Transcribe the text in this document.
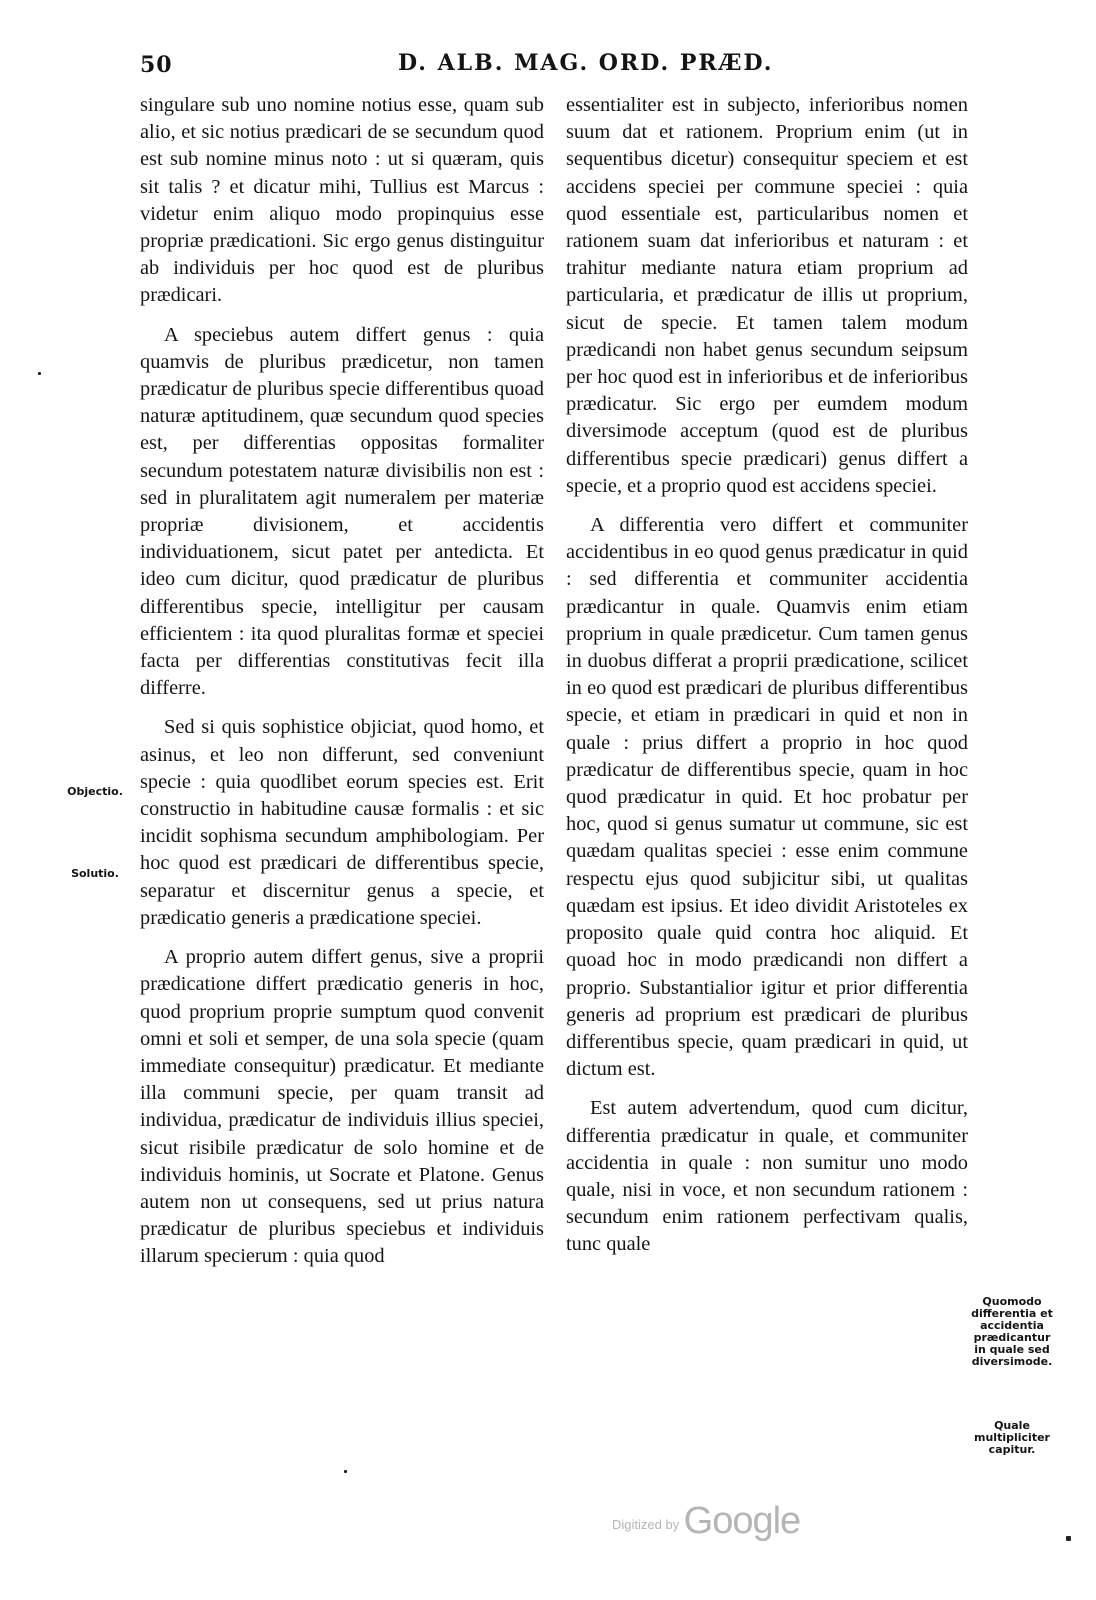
50	D. ALB. MAG. ORD. PRÆD.

singulare sub uno nomine notius esse, quam sub alio, et sic notius prædicari de se secundum quod est sub nomine minus noto : ut si quæram, quis sit talis ? et dicatur mihi, Tullius est Marcus : videtur enim aliquo modo propinquius esse propriæ prædicationi. Sic ergo genus distinguitur ab individuis per hoc quod est de pluribus prædicari.

A speciebus autem differt genus : quia quamvis de pluribus prædicetur, non tamen prædicatur de pluribus specie differentibus quoad naturæ aptitudinem, quæ secundum quod species est, per differentias oppositas formaliter secundum potestatem naturæ divisibilis non est : sed in pluralitatem agit numeralem per materiæ propriæ divisionem, et accidentis individuationem, sicut patet per antedicta. Et ideo cum dicitur, quod prædicatur de pluribus differentibus specie, intelligitur per causam efficientem : ita quod pluralitas formæ et speciei facta per differentias constitutivas fecit illa differre.

Sed si quis sophistice objiciat, quod homo, et asinus, et leo non differunt, sed conveniunt specie : quia quodlibet eorum species est. Erit constructio in habitudine causæ formalis : et sic incidit sophisma secundum amphibologiam. Per hoc quod est prædicari de differentibus specie, separatur et discernitur genus a specie, et prædicatio generis a prædicatione speciei.

A proprio autem differt genus, sive a proprii prædicatione differt prædicatio generis in hoc, quod proprium proprie sumptum quod convenit omni et soli et semper, de una sola specie (quam immediate consequitur) prædicatur. Et mediante illa communi specie, per quam transit ad individua, prædicatur de individuis illius speciei, sicut risibile prædicatur de solo homine et de individuis hominis, ut Socrate et Platone. Genus autem non ut consequens, sed ut prius natura prædicatur de pluribus speciebus et individuis illarum specierum : quia quod

essentialiter est in subjecto, inferioribus nomen suum dat et rationem. Proprium enim (ut in sequentibus dicetur) consequitur speciem et est accidens speciei per commune speciei : quia quod essentiale est, particularibus nomen et rationem suam dat inferioribus et naturam : et trahitur mediante natura etiam proprium ad particularia, et prædicatur de illis ut proprium, sicut de specie. Et tamen talem modum prædicandi non habet genus secundum seipsum per hoc quod est in inferioribus et de inferioribus prædicatur. Sic ergo per eumdem modum diversimode acceptum (quod est de pluribus differentibus specie prædicari) genus differt a specie, et a proprio quod est accidens speciei.

A differentia vero differt et communiter accidentibus in eo quod genus prædicatur in quid : sed differentia et communiter accidentia prædicantur in quale. Quamvis enim etiam proprium in quale prædicetur. Cum tamen genus in duobus differat a proprii prædicatione, scilicet in eo quod est prædicari de pluribus differentibus specie, et etiam in prædicari in quid et non in quale : prius differt a proprio in hoc quod prædicatur de differentibus specie, quam in hoc quod prædicatur in quid. Et hoc probatur per hoc, quod si genus sumatur ut commune, sic est quædam qualitas speciei : esse enim commune respectu ejus quod subjicitur sibi, ut qualitas quædam est ipsius. Et ideo dividit Aristoteles ex proposito quale quid contra hoc aliquid. Et quoad hoc in modo prædicandi non differt a proprio. Substantialior igitur et prior differentia generis ad proprium est prædicari de pluribus differentibus specie, quam prædicari in quid, ut dictum est.

Est autem advertendum, quod cum dicitur, differentia prædicatur in quale, et communiter accidentia in quale : non sumitur uno modo quale, nisi in voce, et non secundum rationem : secundum enim rationem perfectivam qualis, tunc quale

Objectio.
Solutio.
Quomodo differentia et accidentia prædicantur in quale sed diversimode.
Quale multipliciter capitur.
$^{Digitized by}$ Google
